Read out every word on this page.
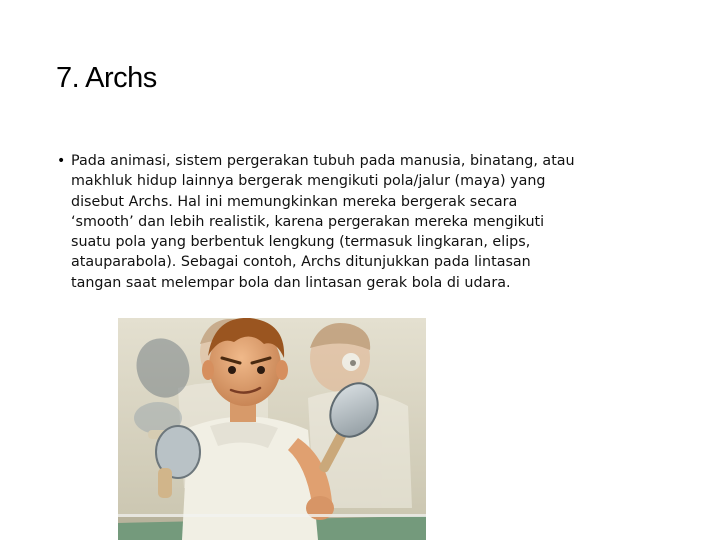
7. Archs
• Pada animasi, sistem pergerakan tubuh pada manusia, binatang, atau
makhluk hidup lainnya bergerak mengikuti pola/jalur (maya) yang
disebut Archs. Hal ini memungkinkan mereka bergerak secara
‘smooth’ dan lebih realistik, karena pergerakan mereka mengikuti
suatu pola yang berbentuk lengkung (termasuk lingkaran, elips,
atauparabola). Sebagai contoh, Archs ditunjukkan pada lintasan
tangan saat melempar bola dan lintasan gerak bola di udara.
